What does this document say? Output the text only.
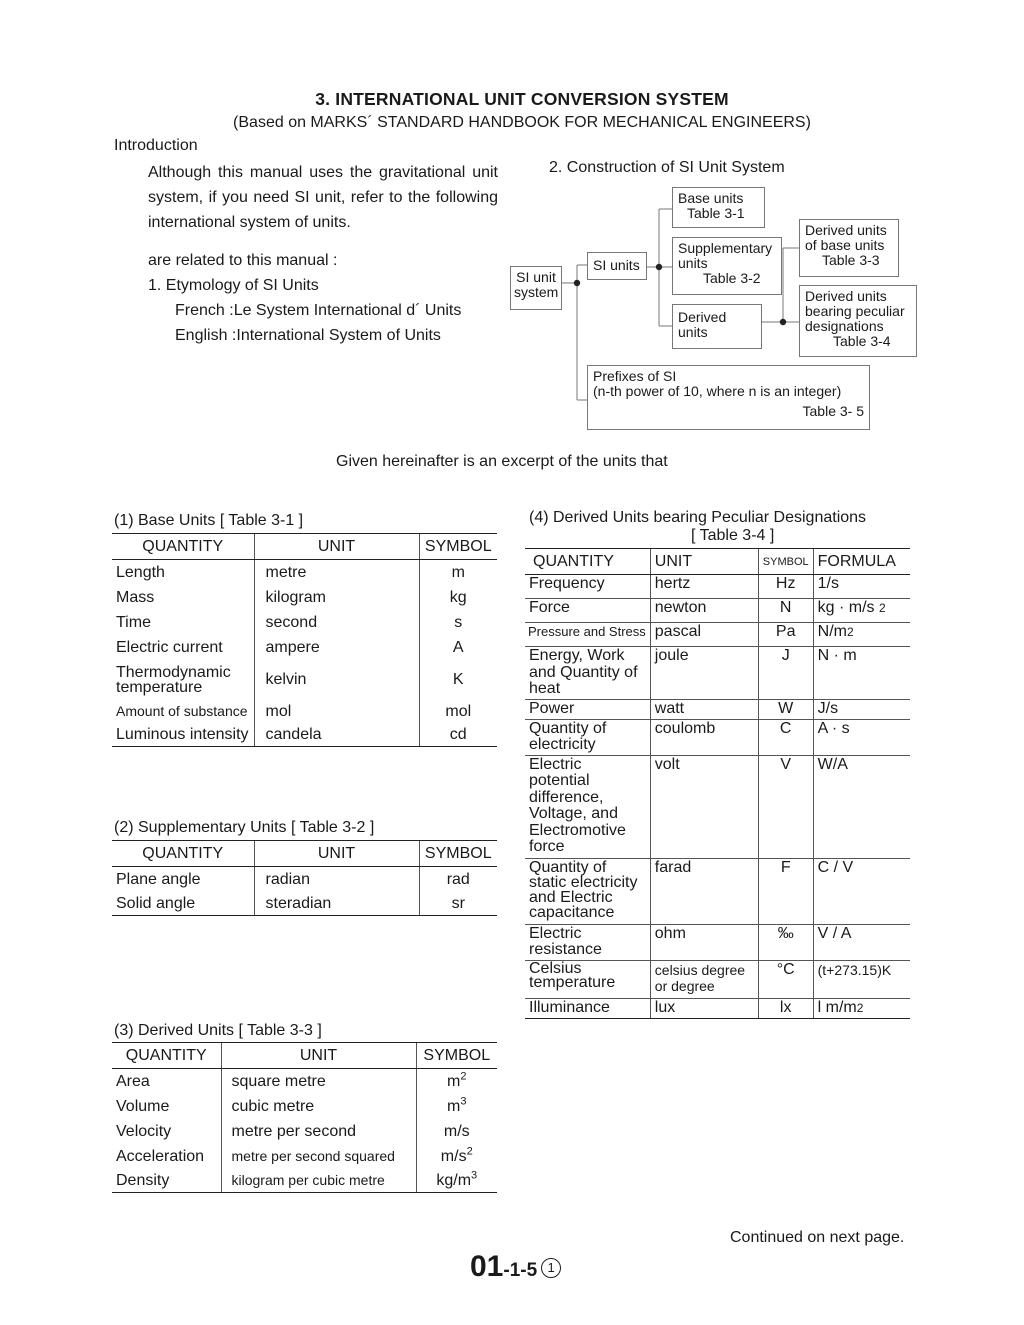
3. INTERNATIONAL UNIT CONVERSION SYSTEM
(Based on MARKS´ STANDARD HANDBOOK FOR MECHANICAL ENGINEERS)
Introduction

Although this manual uses the gravitational unit system, if you need SI unit, refer to the following international system of units.

are related to this manual :
1. Etymology of SI Units
French :Le System International d´ Units
English :International System of Units
2. Construction of SI Unit System
SI unit
system
SI units
Base units
Table 3-1
Supplementary
units
Table 3-2
Derived
units
Derived units
of base units
Table 3-3
Derived units
bearing peculiar
designations
Table 3-4
Prefixes of SI
(n-th power of 10, where n is an integer)
Table 3- 5
Given hereinafter is an excerpt of the units that
(1) Base Units [ Table 3-1 ]
QUANTITY	UNIT	SYMBOL
Length	metre	m
Mass	kilogram	kg
Time	second	s
Electric current	ampere	A
Thermodynamic temperature	kelvin	K
Amount of substance	mol	mol
Luminous intensity	candela	cd
(2) Supplementary Units [ Table 3-2 ]
QUANTITY	UNIT	SYMBOL
Plane angle	radian	rad
Solid angle	steradian	sr
(3) Derived Units [ Table 3-3 ]
QUANTITY	UNIT	SYMBOL
Area	square metre	$m^2$
Volume	cubic metre	$m^3$
Velocity	metre per second	m/s
Acceleration	metre per second squared	$m/s^2$
Density	kilogram per cubic metre	$kg/m^3$
(4) Derived Units bearing Peculiar Designations
[ Table 3-4 ]
QUANTITY	UNIT	SYMBOL	FORMULA
Frequency	hertz	Hz	1/s
Force	newton	N	kg · m/s 2
Pressure and Stress	pascal	Pa	N/m2
Energy, Work and Quantity of heat	joule	J	N · m
Power	watt	W	J/s
Quantity of electricity	coulomb	C	A · s
Electric potential difference, Voltage, and Electromotive force	volt	V	W/A
Quantity of static electricity and Electric capacitance	farad	F	C / V
Electric resistance	ohm	‰	V / A
Celsius temperature	celsius degree or degree	°C	(t+273.15)K
Illuminance	lux	lx	l m/m2
Continued on next page.
01-1-5 1
